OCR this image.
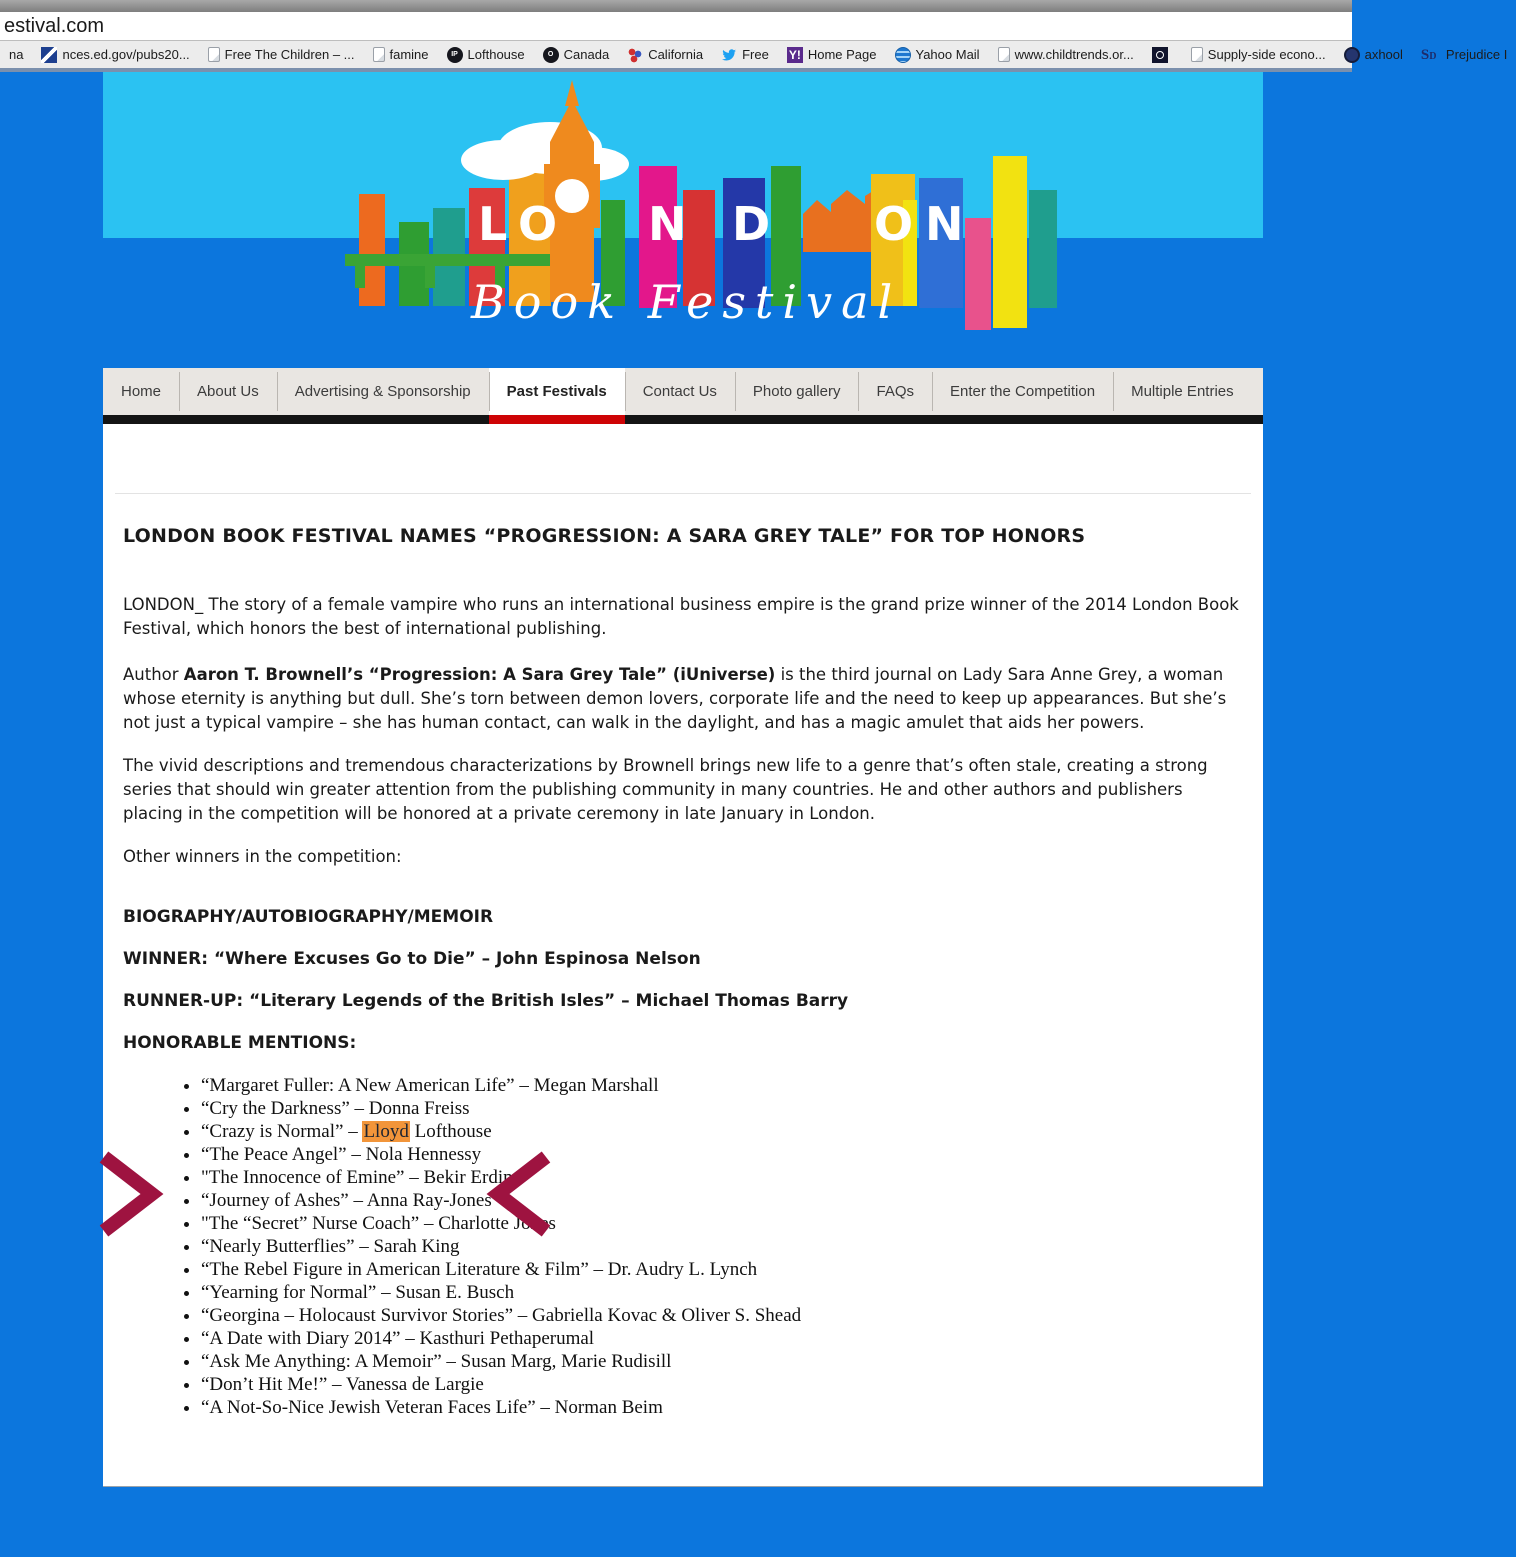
estival.com
na	nces.ed.gov/pubs20...	Free The Children – ...	famine	IP Lofthouse	O Canada	California	Free Y! Home Page	Yahoo Mail	www.childtrends.or...	Supply-side econo...	axhool SD Prejudice I
L O N D O N
Book Festival
Home	About Us	Advertising & Sponsorship	Past Festivals	Contact Us	Photo gallery	FAQs	Enter the Competition	Multiple Entries
LONDON BOOK FESTIVAL NAMES “PROGRESSION: A SARA GREY TALE” FOR TOP HONORS

LONDON_ The story of a female vampire who runs an international business empire is the grand prize winner of the 2014 London Book Festival, which honors the best of international publishing.

Author Aaron T. Brownell’s “Progression: A Sara Grey Tale” (iUniverse) is the third journal on Lady Sara Anne Grey, a woman whose eternity is anything but dull. She’s torn between demon lovers, corporate life and the need to keep up appearances. But she’s not just a typical vampire – she has human contact, can walk in the daylight, and has a magic amulet that aids her powers.

The vivid descriptions and tremendous characterizations by Brownell brings new life to a genre that’s often stale, creating a strong series that should win greater attention from the publishing community in many countries. He and other authors and publishers placing in the competition will be honored at a private ceremony in late January in London.

Other winners in the competition:

BIOGRAPHY/AUTOBIOGRAPHY/MEMOIR

WINNER: “Where Excuses Go to Die” – John Espinosa Nelson

RUNNER-UP: “Literary Legends of the British Isles” – Michael Thomas Barry

HONORABLE MENTIONS:

• “Margaret Fuller: A New American Life” – Megan Marshall
• “Cry the Darkness” – Donna Freiss
• “Crazy is Normal” – Lloyd Lofthouse
• “The Peace Angel” – Nola Hennessy
• "The Innocence of Emine” – Bekir Erdinc
• “Journey of Ashes” – Anna Ray-Jones
• "The “Secret” Nurse Coach” – Charlotte Jones
• “Nearly Butterflies” – Sarah King
• “The Rebel Figure in American Literature & Film” – Dr. Audry L. Lynch
• “Yearning for Normal” – Susan E. Busch
• “Georgina – Holocaust Survivor Stories” – Gabriella Kovac & Oliver S. Shead
• “A Date with Diary 2014” – Kasthuri Pethaperumal
• “Ask Me Anything: A Memoir” – Susan Marg, Marie Rudisill
• “Don’t Hit Me!” – Vanessa de Largie
• “A Not-So-Nice Jewish Veteran Faces Life” – Norman Beim
